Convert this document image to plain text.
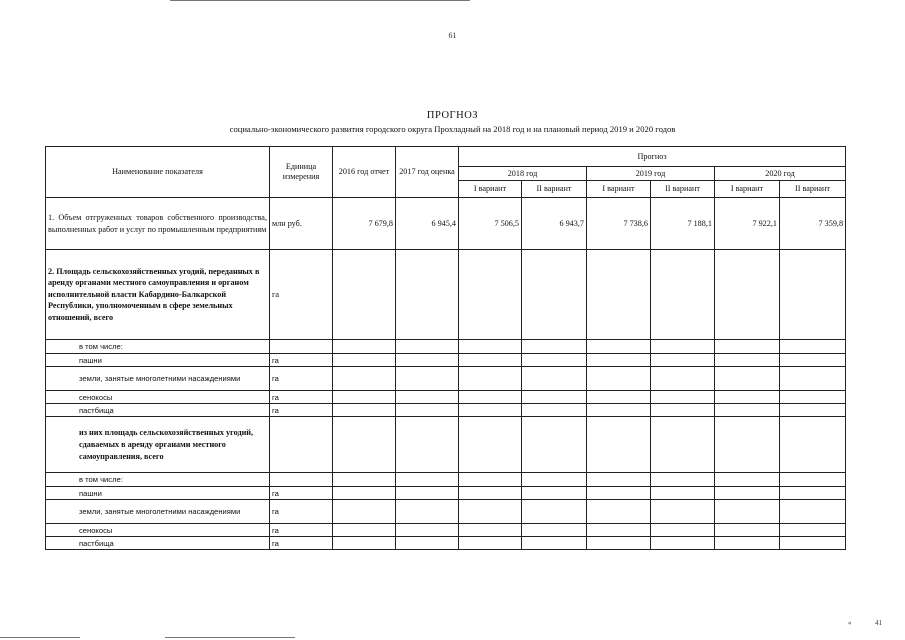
61
ПРОГНОЗ
социально-экономического развития городского округа Прохладный на 2018 год и на плановый период 2019 и 2020 годов
Наименование показателя	Единица измерения	2016 год отчет	2017 год оценка	Прогноз					
				2018 год		2019 год		2020 год	
				I вариант	II вариант	I вариант	II вариант	I вариант	II вариант
1. Объем отгруженных товаров собственного производства, выполненных работ и услуг по промышленным предприятиям	млн руб.	7 679,8	6 945,4	7 506,5	6 943,7	7 738,6	7 188,1	7 922,1	7 359,8
2. Площадь сельскохозяйственных угодий, переданных в аренду органами местного самоуправления и органом исполнительной власти Кабардино-Балкарской Республики, уполномоченным в сфере земельных отношений, всего	га								
в том числе:									
пашни	га								
земли, занятые многолетними насаждениями	га								
сенокосы	га								
пастбища	га								
из них площадь сельскохозяйственных угодий, сдаваемых в аренду органами местного самоуправления, всего									
в том числе:									
пашни	га								
земли, занятые многолетними насаждениями	га								
сенокосы	га								
пастбища	га								
«	41
